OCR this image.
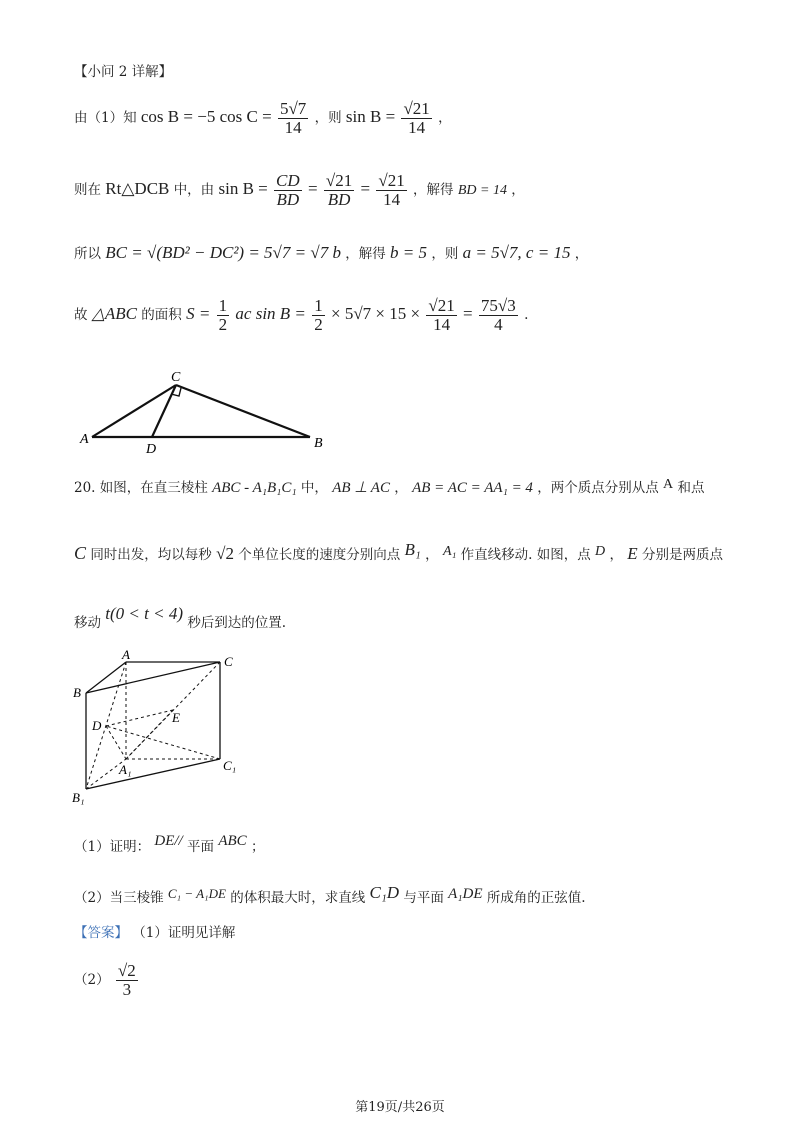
【小问 2 详解】
由（1）知 cos B = −5 $\cos C = \frac{5√7}{14}$ ，则 $\sin B = \frac{√21}{14}$ ，
则在 Rt△DCB 中，由 $\sin B = \frac{CD}{BD} = \frac{√21}{BD} = \frac{√21}{14}$ ，解得 BD = 14 ，
所以 BC = √(BD² − DC²) = 5√7 = √7 b ，解得 b = 5 ，则 a = 5√7, c = 15 ，
故 △ABC 的面积 $S = \frac{1}{2}$ ac $\sin B = \frac{1}{2} \times 5√7 \times 15 \times \frac{√21}{14} = \frac{75√3}{4}$ .
A	B
C
D
20. 如图，在直三棱柱 ABC - A₁B₁C₁ 中， AB ⊥ AC ， AB = AC = AA₁ = 4 ，两个质点分别从点 A 和点
C 同时出发，均以每秒 √2 个单位长度的速度分别向点 B₁ ， A₁ 作直线移动. 如图，点 D ， E 分别是两质点
移动 t(0 < t < 4) 秒后到达的位置.
A	C
B
D
E
A₁	C₁
B₁
（1）证明： DE// 平面 ABC ；
（2）当三棱锥 C₁ − A₁DE 的体积最大时，求直线 C₁D 与平面 A₁DE 所成角的正弦值.
【答案】 （1）证明见详解
$(2) \frac{√2}{3}$
第19页/共26页
